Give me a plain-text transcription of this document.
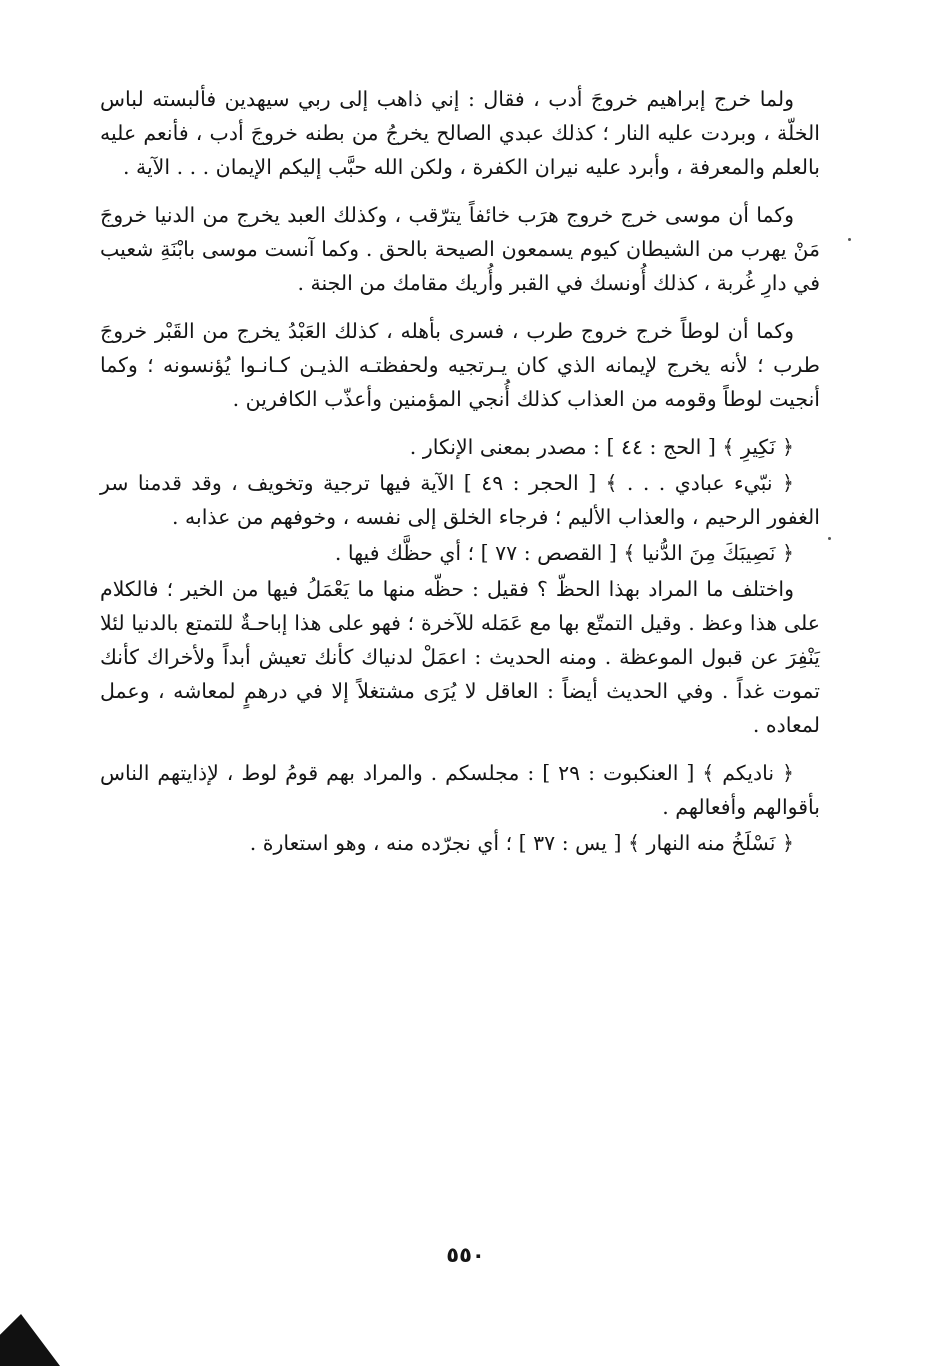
ولما خرج إبراهيم خروجَ أدب ، فقال : إني ذاهب إلى ربي سيهدين فألبسته لباس الخلّة ، وبردت عليه النار ؛ كذلك عبدي الصالح يخرجُ من بطنه خروجَ أدب ، فأنعم عليه بالعلم والمعرفة ، وأبرد عليه نيران الكفرة ، ولكن الله حبَّب إليكم الإيمان . . . الآية .

وكما أن موسى خرج خروج هرَب خائفاً يترّقب ، وكذلك العبد يخرج من الدنيا خروجَ مَنْ يهرب من الشيطان كيوم يسمعون الصيحة بالحق . وكما آنست موسى بابْنَةِ شعيب في دارِ غُربة ، كذلك أُونسك في القبر وأُريك مقامك من الجنة .

وكما أن لوطاً خرج خروج طرب ، فسرى بأهله ، كذلك العَبْدُ يخرج من القَبْر خروجَ طرب ؛ لأنه يخرج لإيمانه الذي كان يـرتجيه ولحفظتـه الذيـن كـانـوا يُؤنسونه ؛ وكما أنجيت لوطاً وقومه من العذاب كذلك أُنجي المؤمنين وأعذّب الكافرين .

﴿ نَكِيرِ ﴾ [ الحج : ٤٤ ] : مصدر بمعنى الإنكار .

﴿ نبّيء عبادي . . . ﴾ [ الحجر : ٤٩ ] الآية فيها ترجية وتخويف ، وقد قدمنا سر الغفور الرحيم ، والعذاب الأليم ؛ فرجاء الخلق إلى نفسه ، وخوفهم من عذابه .

﴿ نَصِيبَكَ مِنَ الدُّنيا ﴾ [ القصص : ٧٧ ] ؛ أي حظَّك فيها .

واختلف ما المراد بهذا الحظّ ؟ فقيل : حظّه منها ما يَعْمَلُ فيها من الخير ؛ فالكلام على هذا وعظ . وقيل التمتّع بها مع عَمَله للآخرة ؛ فهو على هذا إباحـةٌ للتمتع بالدنيا لئلا يَنْفِرَ عن قبول الموعظة . ومنه الحديث : اعمَلْ لدنياك كأنك تعيش أبداً ولأخراك كأنك تموت غداً . وفي الحديث أيضاً : العاقل لا يُرَى مشتغلاً إلا في درهمٍ لمعاشه ، وعمل لمعاده .

﴿ ناديكم ﴾ [ العنكبوت : ٢٩ ] : مجلسكم . والمراد بهم قومُ لوط ، لإذايتهم الناس بأقوالهم وأفعالهم .

﴿ نَسْلَخُ منه النهار ﴾ [ يس : ٣٧ ] ؛ أي نجرّده منه ، وهو استعارة .

٥٥٠
